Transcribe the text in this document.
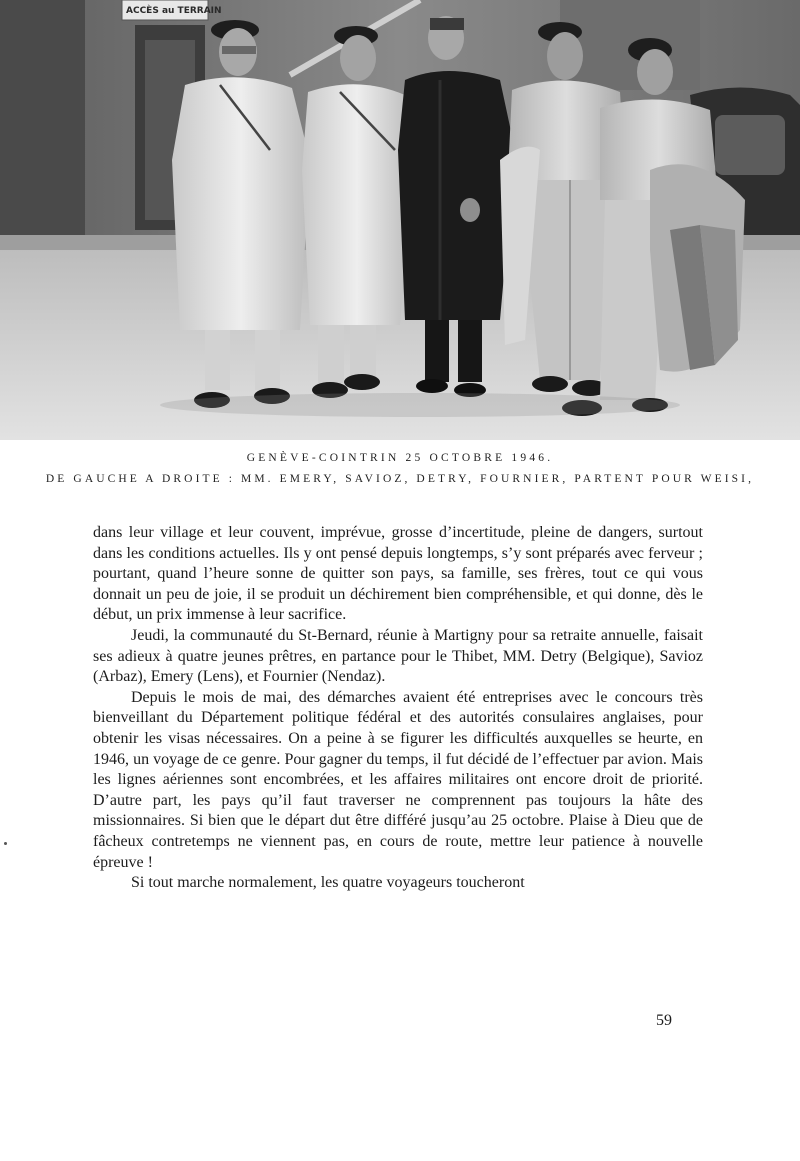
ACCÈS au TERRAIN
GENÈVE-COINTRIN 25 OCTOBRE 1946.
DE GAUCHE A DROITE : MM. EMERY, SAVIOZ, DETRY, FOURNIER, PARTENT POUR WEISI,

dans leur village et leur couvent, imprévue, grosse d’incertitude, pleine de dangers, surtout dans les conditions actuelles. Ils y ont pensé depuis longtemps, s’y sont préparés avec ferveur ; pourtant, quand l’heure sonne de quitter son pays, sa famille, ses frères, tout ce qui vous donnait un peu de joie, il se produit un déchirement bien compréhensible, et qui donne, dès le début, un prix immense à leur sacrifice.

Jeudi, la communauté du St-Bernard, réunie à Martigny pour sa retraite annuelle, faisait ses adieux à quatre jeunes prêtres, en partance pour le Thibet, MM. Detry (Belgique), Savioz (Arbaz), Emery (Lens), et Fournier (Nendaz).

Depuis le mois de mai, des démarches avaient été entreprises avec le concours très bienveillant du Département politique fédéral et des autorités consulaires anglaises, pour obtenir les visas nécessaires. On a peine à se figurer les difficultés auxquelles se heurte, en 1946, un voyage de ce genre. Pour gagner du temps, il fut décidé de l’effectuer par avion. Mais les lignes aériennes sont encombrées, et les affaires militaires ont encore droit de priorité. D’autre part, les pays qu’il faut traverser ne comprennent pas toujours la hâte des missionnaires. Si bien que le départ dut être différé jusqu’au 25 octobre. Plaise à Dieu que de fâcheux contretemps ne viennent pas, en cours de route, mettre leur patience à nouvelle épreuve !

Si tout marche normalement, les quatre voyageurs toucheront

59
